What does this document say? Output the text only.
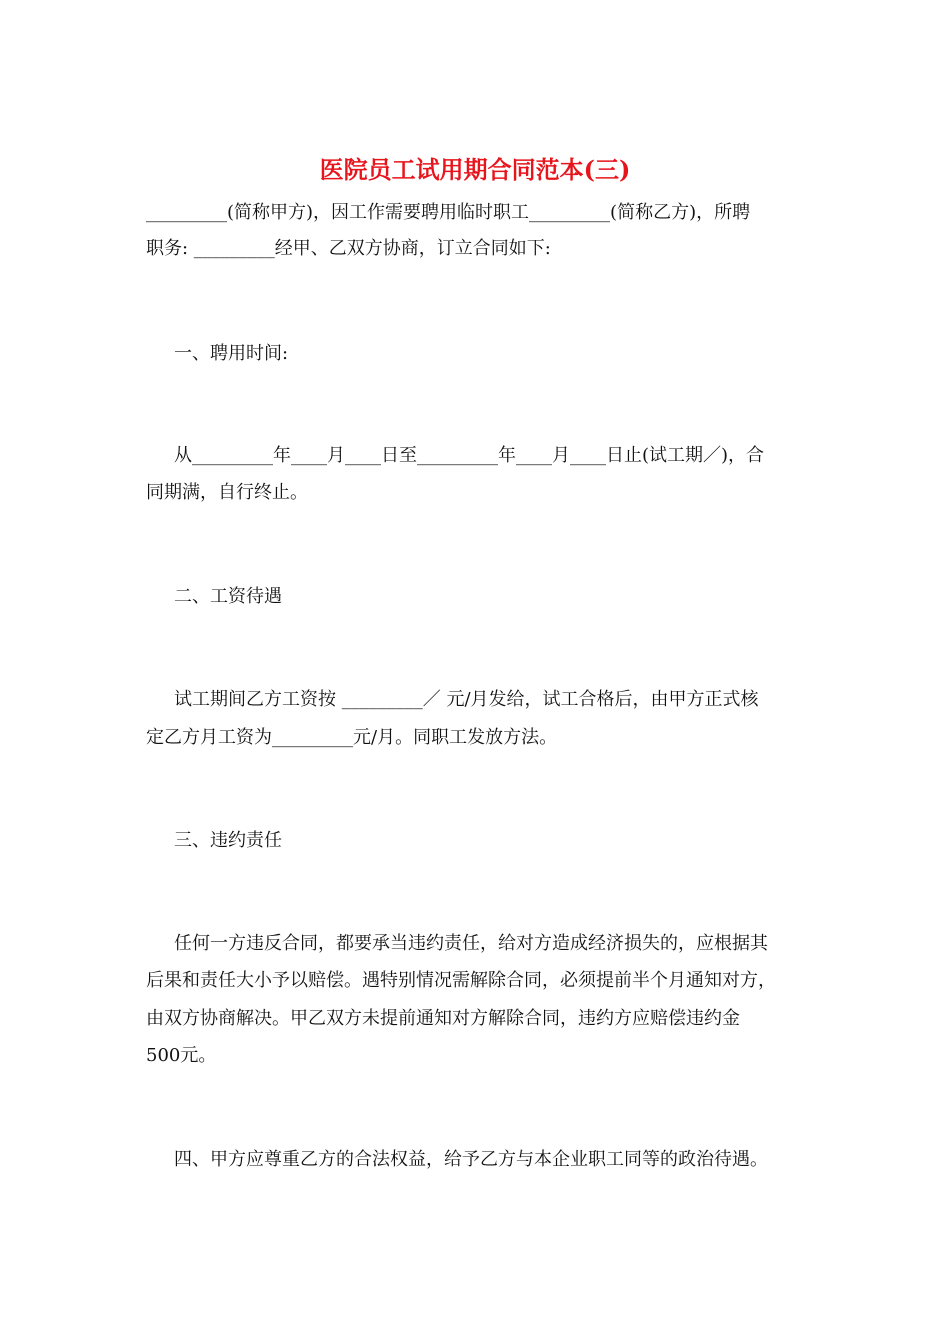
医院员工试用期合同范本(三)
_________(简称甲方)，因工作需要聘用临时职工_________(简称乙方)，所聘
职务: _________经甲、乙双方协商，订立合同如下:
一、聘用时间:
从_________年____月____日至_________年____月____日止(试工期／)，合
同期满，自行终止。
二、工资待遇
试工期间乙方工资按 _________／ 元/月发给，试工合格后，由甲方正式核
定乙方月工资为_________元/月。同职工发放方法。
三、违约责任
任何一方违反合同，都要承当违约责任，给对方造成经济损失的，应根据其
后果和责任大小予以赔偿。遇特别情况需解除合同，必须提前半个月通知对方，
由双方协商解决。甲乙双方未提前通知对方解除合同，违约方应赔偿违约金
500元。
四、甲方应尊重乙方的合法权益，给予乙方与本企业职工同等的政治待遇。
